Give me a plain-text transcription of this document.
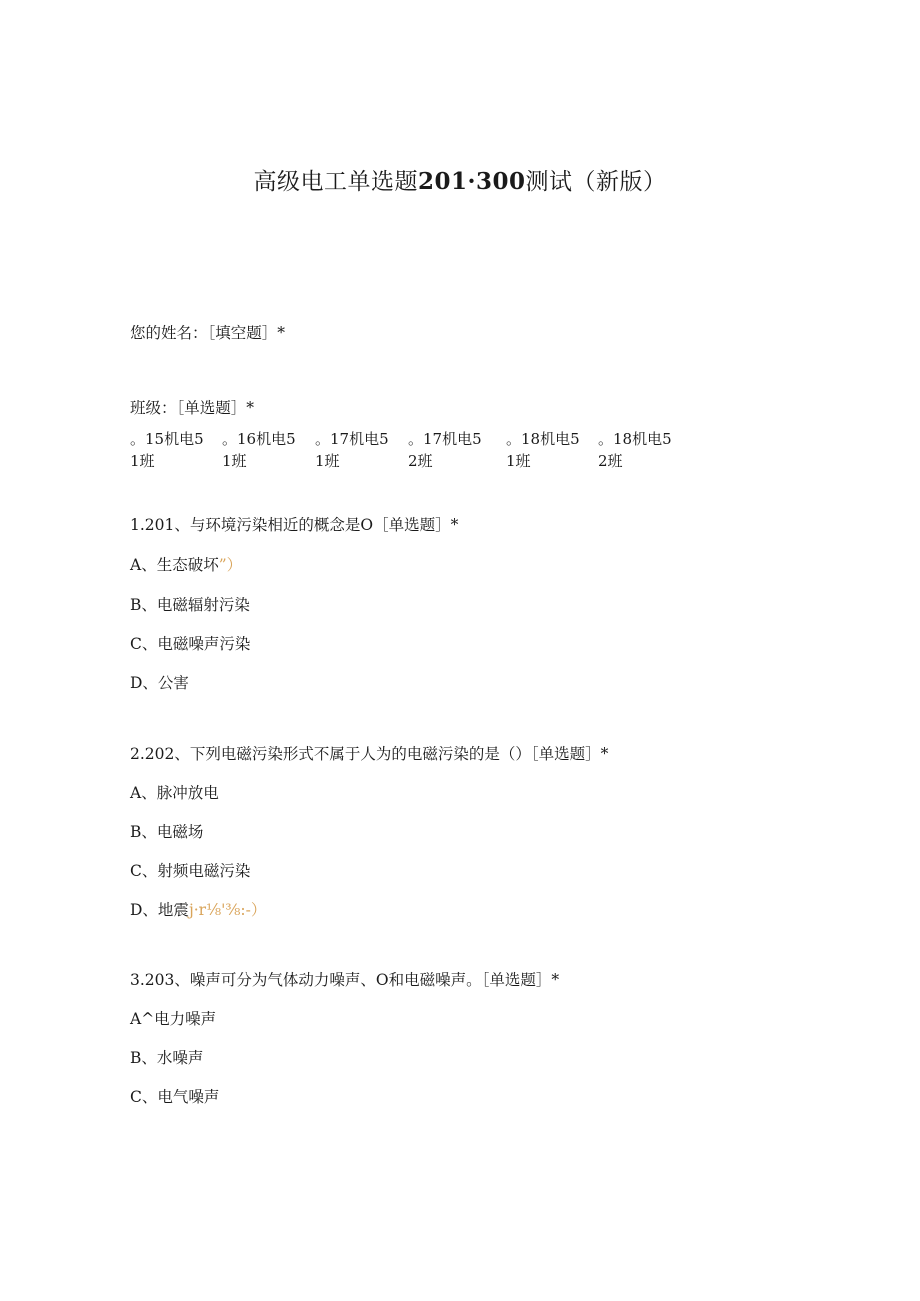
高级电工单选题201·300测试（新版）
您的姓名：［填空题］*
班级：［单选题］*
。15机电5
1班
。16机电5
1班
。17机电5
1班
。17机电5
2班
。18机电5
1班
。18机电5
2班
1.201、与环境污染相近的概念是O［单选题］*
A、生态破坏”）
B、电磁辐射污染
C、电磁噪声污染
D、公害
2.202、下列电磁污染形式不属于人为的电磁污染的是（）［单选题］*
A、脉冲放电
B、电磁场
C、射频电磁污染
D、地震j·r⅛'⅜:-）
3.203、噪声可分为气体动力噪声、O和电磁噪声。［单选题］*
A^电力噪声
B、水噪声
C、电气噪声
